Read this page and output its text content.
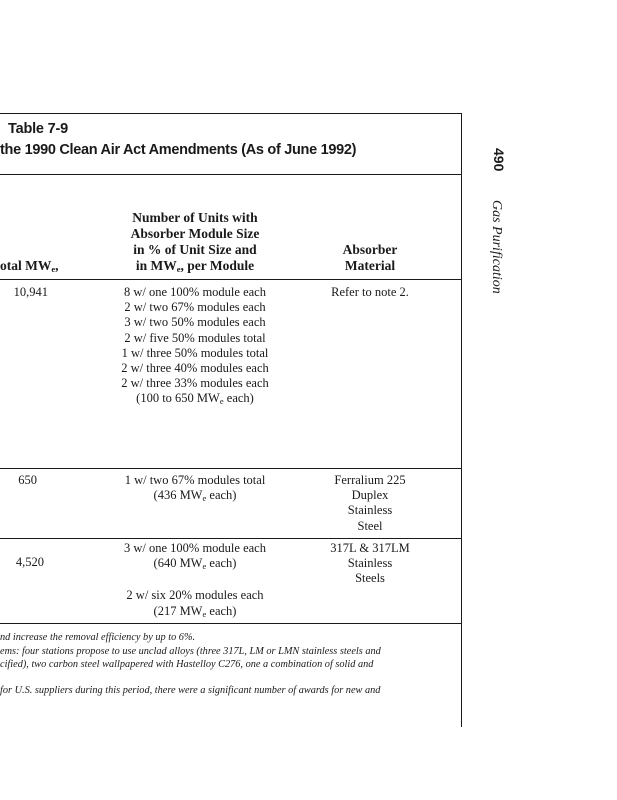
Table 7-9
the 1990 Clean Air Act Amendments (As of June 1992)
otal $MW_e$,
Number of Units with
Absorber Module Size
in % of Unit Size and
in $MW_e$, per Module
Absorber
Material
10,941	8 w/ one 100% module each
2 w/ two 67% modules each
3 w/ two 50% modules each
2 w/ five 50% modules total
1 w/ three 50% modules total
2 w/ three 40% modules each
2 w/ three 33% modules each
(100 to 650 $MW_e$ each)
Refer to note 2.
650	1 w/ two 67% modules total
(436 $MW_e$ each)
Ferralium 225
Duplex
Stainless
Steel
4,520
3 w/ one 100% module each
(640 $MW_e$ each)
2 w/ six 20% modules each
(217 $MW_e$ each)
317L & 317LM
Stainless
Steels
nd increase the removal efficiency by up to 6%.
ems: four stations propose to use unclad alloys (three 317L, LM or LMN stainless steels and
cified), two carbon steel wallpapered with Hastelloy C276, one a combination of solid and
for U.S. suppliers during this period, there were a significant number of awards for new and
490
Gas Purification
